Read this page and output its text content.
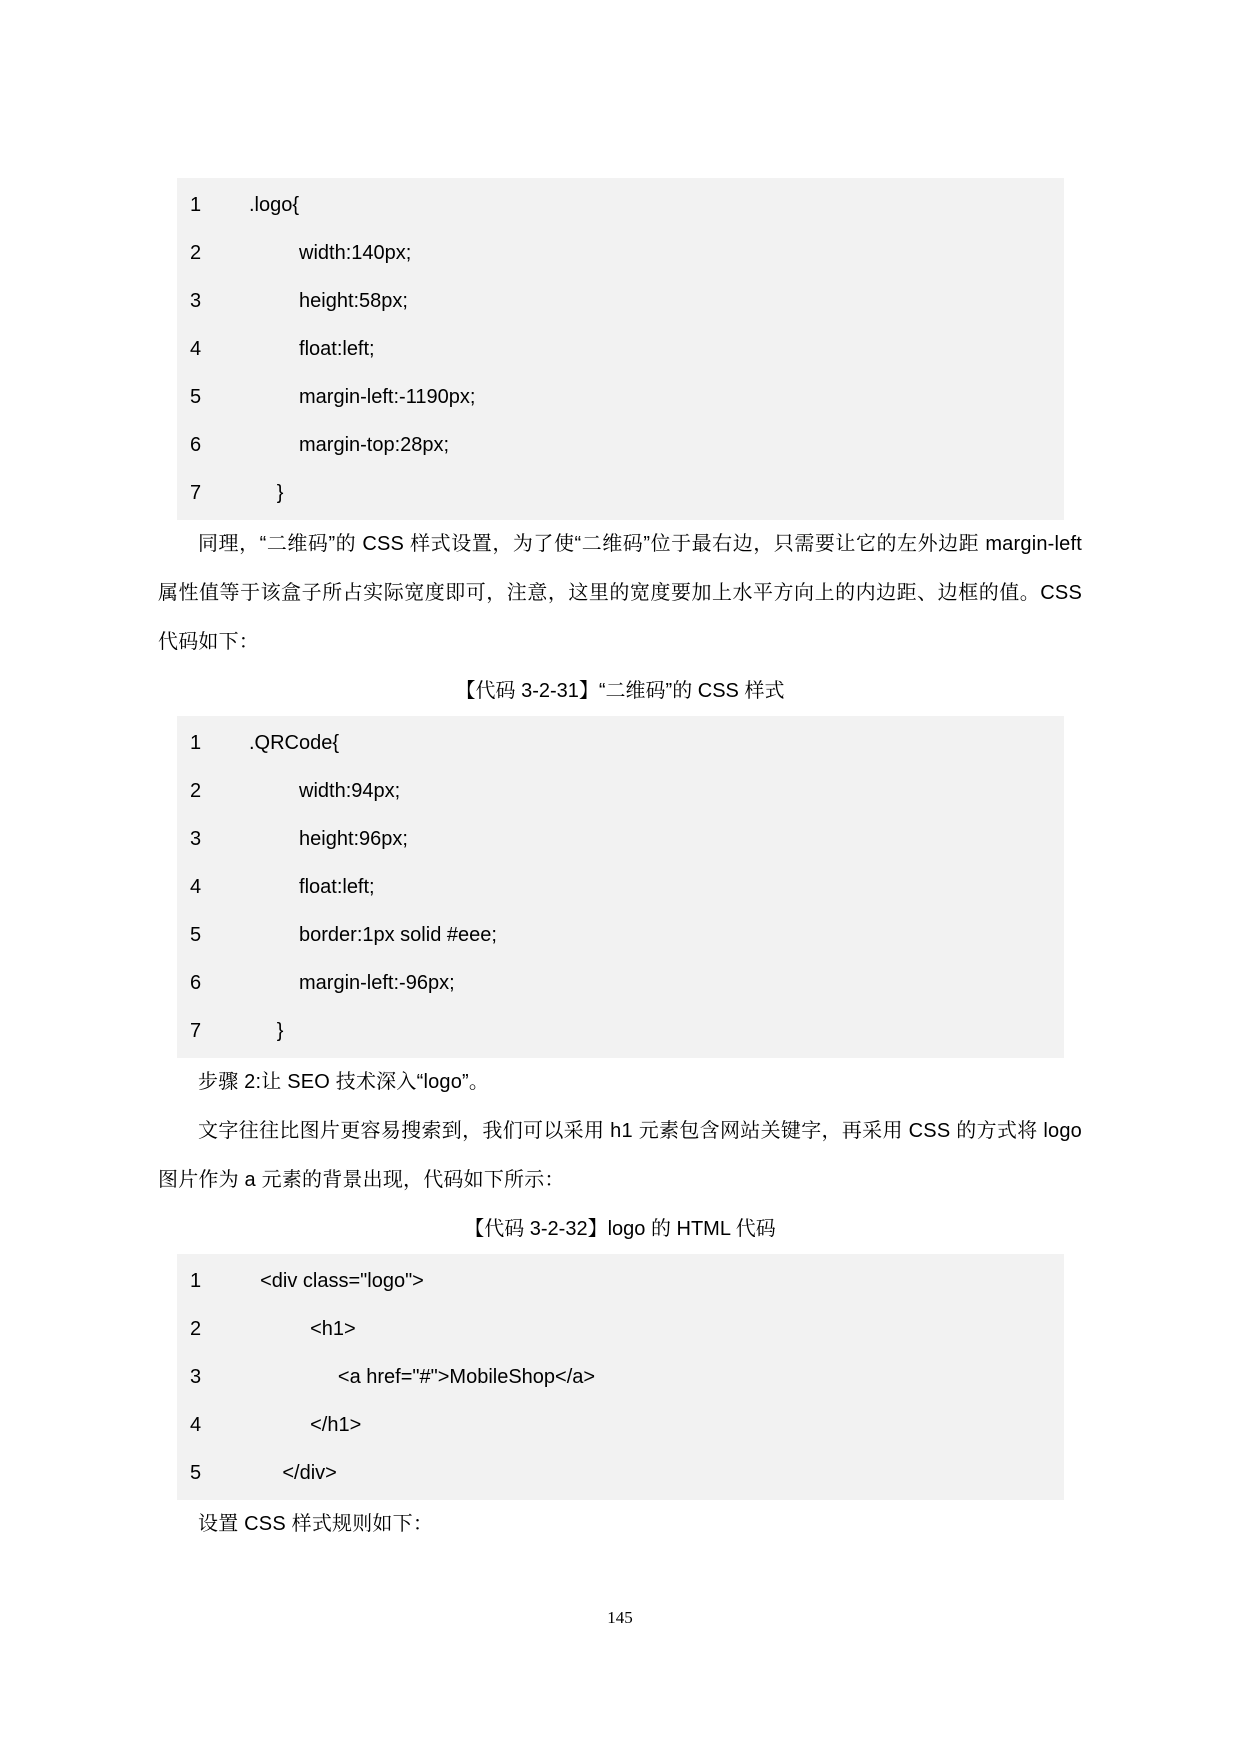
1	.logo{
2	width:140px;
3	height:58px;
4	float:left;
5	margin-left:-1190px;
6	margin-top:28px;
7	}

同理，“二维码”的 CSS 样式设置，为了使“二维码”位于最右边，只需要让它的左外边距 margin-left 属性值等于该盒子所占实际宽度即可，注意，这里的宽度要加上水平方向上的内边距、边框的值。CSS 代码如下：

【代码 3-2-31】“二维码”的 CSS 样式

1	.QRCode{
2	width:94px;
3	height:96px;
4	float:left;
5	border:1px solid #eee;
6	margin-left:-96px;
7	}

步骤 2:让 SEO 技术深入“logo”。

文字往往比图片更容易搜索到，我们可以采用 h1 元素包含网站关键字，再采用 CSS 的方式将 logo 图片作为 a 元素的背景出现，代码如下所示：

【代码 3-2-32】logo 的 HTML 代码

1	<div class="logo">
2	<h1>
3	<a href="#">MobileShop</a>
4	</h1>
5	</div>

设置 CSS 样式规则如下：

145
